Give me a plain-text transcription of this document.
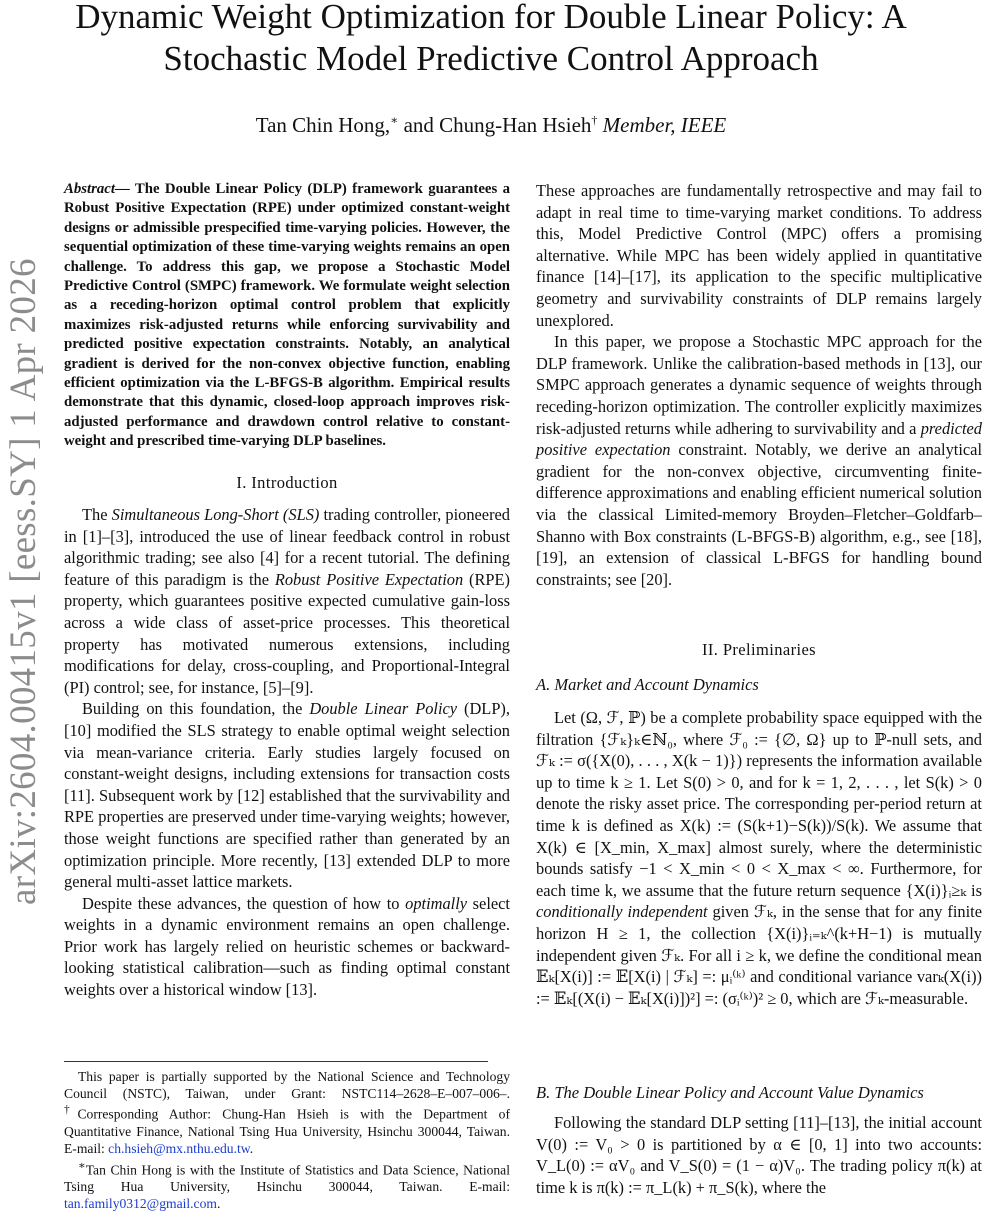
Dynamic Weight Optimization for Double Linear Policy: A Stochastic Model Predictive Control Approach
Tan Chin Hong,∗ and Chung-Han Hsieh† Member, IEEE
arXiv:2604.00415v1 [eess.SY] 1 Apr 2026
Abstract— The Double Linear Policy (DLP) framework guarantees a Robust Positive Expectation (RPE) under optimized constant-weight designs or admissible prespecified time-varying policies. However, the sequential optimization of these time-varying weights remains an open challenge. To address this gap, we propose a Stochastic Model Predictive Control (SMPC) framework. We formulate weight selection as a receding-horizon optimal control problem that explicitly maximizes risk-adjusted returns while enforcing survivability and predicted positive expectation constraints. Notably, an analytical gradient is derived for the non-convex objective function, enabling efficient optimization via the L-BFGS-B algorithm. Empirical results demonstrate that this dynamic, closed-loop approach improves risk-adjusted performance and drawdown control relative to constant-weight and prescribed time-varying DLP baselines.
I. Introduction

The Simultaneous Long-Short (SLS) trading controller, pioneered in [1]–[3], introduced the use of linear feedback control in robust algorithmic trading; see also [4] for a recent tutorial. The defining feature of this paradigm is the Robust Positive Expectation (RPE) property, which guarantees positive expected cumulative gain-loss across a wide class of asset-price processes. This theoretical property has motivated numerous extensions, including modifications for delay, cross-coupling, and Proportional-Integral (PI) control; see, for instance, [5]–[9].

Building on this foundation, the Double Linear Policy (DLP), [10] modified the SLS strategy to enable optimal weight selection via mean-variance criteria. Early studies largely focused on constant-weight designs, including extensions for transaction costs [11]. Subsequent work by [12] established that the survivability and RPE properties are preserved under time-varying weights; however, those weight functions are specified rather than generated by an optimization principle. More recently, [13] extended DLP to more general multi-asset lattice markets.

Despite these advances, the question of how to optimally select weights in a dynamic environment remains an open challenge. Prior work has largely relied on heuristic schemes or backward-looking statistical calibration—such as finding optimal constant weights over a historical window [13].

This paper is partially supported by the National Science and Technology Council (NSTC), Taiwan, under Grant: NSTC114–2628–E–007–006–. †Corresponding Author: Chung-Han Hsieh is with the Department of Quantitative Finance, National Tsing Hua University, Hsinchu 300044, Taiwan. E-mail: ch.hsieh@mx.nthu.edu.tw.

∗Tan Chin Hong is with the Institute of Statistics and Data Science, National Tsing Hua University, Hsinchu 300044, Taiwan. E-mail: tan.family0312@gmail.com.

These approaches are fundamentally retrospective and may fail to adapt in real time to time-varying market conditions. To address this, Model Predictive Control (MPC) offers a promising alternative. While MPC has been widely applied in quantitative finance [14]–[17], its application to the specific multiplicative geometry and survivability constraints of DLP remains largely unexplored.

In this paper, we propose a Stochastic MPC approach for the DLP framework. Unlike the calibration-based methods in [13], our SMPC approach generates a dynamic sequence of weights through receding-horizon optimization. The controller explicitly maximizes risk-adjusted returns while adhering to survivability and a predicted positive expectation constraint. Notably, we derive an analytical gradient for the non-convex objective, circumventing finite-difference approximations and enabling efficient numerical solution via the classical Limited-memory Broyden–Fletcher–Goldfarb–Shanno with Box constraints (L-BFGS-B) algorithm, e.g., see [18], [19], an extension of classical L-BFGS for handling bound constraints; see [20].

II. Preliminaries
A. Market and Account Dynamics

Let (Ω, ℱ, ℙ) be a complete probability space equipped with the filtration {ℱₖ}ₖ∈ℕ₀, where ℱ₀ := {∅, Ω} up to ℙ-null sets, and ℱₖ := σ({X(0), . . . , X(k − 1)}) represents the information available up to time k ≥ 1. Let S(0) > 0, and for k = 1, 2, . . . , let S(k) > 0 denote the risky asset price. The corresponding per-period return at time k is defined as X(k) := (S(k+1)−S(k))/S(k). We assume that X(k) ∈ [X_min, X_max] almost surely, where the deterministic bounds satisfy −1 < X_min < 0 < X_max < ∞. Furthermore, for each time k, we assume that the future return sequence {X(i)}ᵢ≥ₖ is conditionally independent given ℱₖ, in the sense that for any finite horizon H ≥ 1, the collection {X(i)}ᵢ₌ₖ^(k+H−1) is mutually independent given ℱₖ. For all i ≥ k, we define the conditional mean 𝔼ₖ[X(i)] := 𝔼[X(i) | ℱₖ] =: μᵢ⁽ᵏ⁾ and conditional variance varₖ(X(i)) := 𝔼ₖ[(X(i) − 𝔼ₖ[X(i)])²] =: (σᵢ⁽ᵏ⁾)² ≥ 0, which are ℱₖ-measurable.

B. The Double Linear Policy and Account Value Dynamics

Following the standard DLP setting [11]–[13], the initial account V(0) := V₀ > 0 is partitioned by α ∈ [0, 1] into two accounts: V_L(0) := αV₀ and V_S(0) = (1 − α)V₀. The trading policy π(k) at time k is π(k) := π_L(k) + π_S(k), where the
